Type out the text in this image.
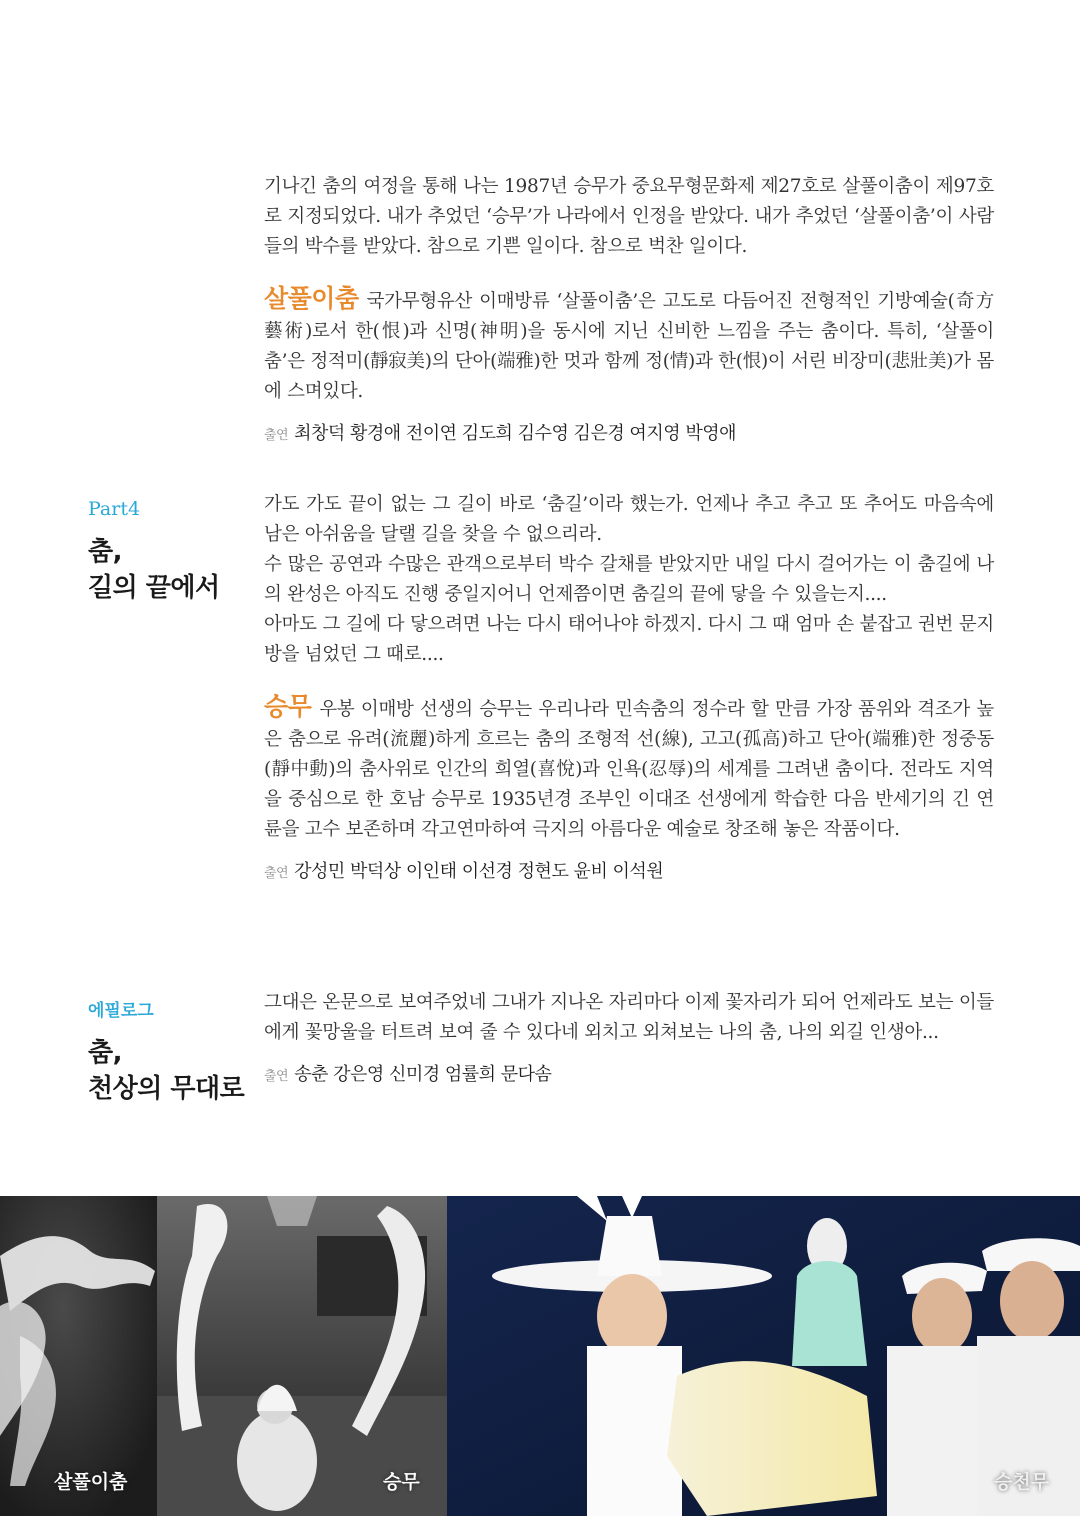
기나긴 춤의 여정을 통해 나는 1987년 승무가 중요무형문화제 제27호로 살풀이춤이 제97호로 지정되었다. 내가 추었던 ‘승무’가 나라에서 인정을 받았다. 내가 추었던 ‘살풀이춤’이 사람들의 박수를 받았다. 참으로 기쁜 일이다. 참으로 벅찬 일이다.

살풀이춤 국가무형유산 이매방류 ‘살풀이춤’은 고도로 다듬어진 전형적인 기방예술(奇方藝術)로서 한(恨)과 신명(神明)을 동시에 지닌 신비한 느낌을 주는 춤이다. 특히, ‘살풀이춤’은 정적미(靜寂美)의 단아(端雅)한 멋과 함께 정(情)과 한(恨)이 서린 비장미(悲壯美)가 몸에 스며있다.

출연 최창덕 황경애 전이연 김도희 김수영 김은경 여지영 박영애

Part4
춤,
길의 끝에서

가도 가도 끝이 없는 그 길이 바로 ‘춤길’이라 했는가. 언제나 추고 추고 또 추어도 마음속에 남은 아쉬움을 달랠 길을 찾을 수 없으리라.

수 많은 공연과 수많은 관객으로부터 박수 갈채를 받았지만 내일 다시 걸어가는 이 춤길에 나의 완성은 아직도 진행 중일지어니 언제쯤이면 춤길의 끝에 닿을 수 있을는지....

아마도 그 길에 다 닿으려면 나는 다시 태어나야 하겠지. 다시 그 때 엄마 손 붙잡고 권번 문지방을 넘었던 그 때로....

승무 우봉 이매방 선생의 승무는 우리나라 민속춤의 정수라 할 만큼 가장 품위와 격조가 높은 춤으로 유려(流麗)하게 흐르는 춤의 조형적 선(線), 고고(孤高)하고 단아(端雅)한 정중동(靜中動)의 춤사위로 인간의 희열(喜悅)과 인욕(忍辱)의 세계를 그려낸 춤이다. 전라도 지역을 중심으로 한 호남 승무로 1935년경 조부인 이대조 선생에게 학습한 다음 반세기의 긴 연륜을 고수 보존하며 각고연마하여 극지의 아름다운 예술로 창조해 놓은 작품이다.

출연 강성민 박덕상 이인태 이선경 정현도 윤비 이석원

에필로그
춤,
천상의 무대로

그대은 온문으로 보여주었네 그내가 지나온 자리마다 이제 꽃자리가 되어 언제라도 보는 이들에게 꽃망울을 터트려 보여 줄 수 있다네 외치고 외쳐보는 나의 춤, 나의 외길 인생아...

출연 송춘 강은영 신미경 엄률희 문다솜

살풀이춤	승무	승천무
